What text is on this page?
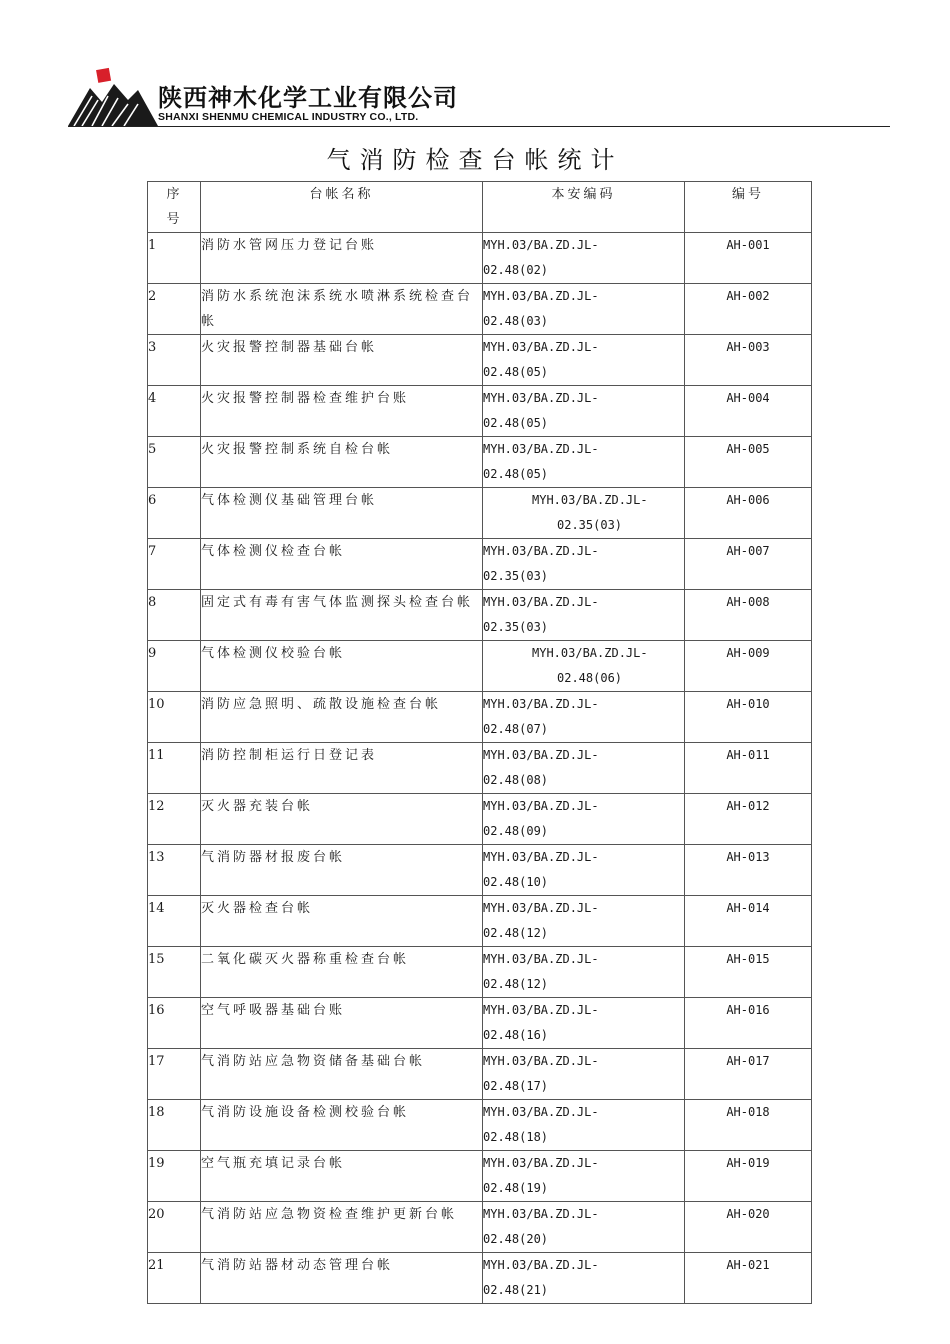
陕西神木化学工业有限公司
SHANXI SHENMU CHEMICAL INDUSTRY CO., LTD.
气消防检查台帐统计
序
号	台帐名称	本安编码	编号

1	消防水管网压力登记台账	MYH.03/BA.ZD.JL-
02.48(02)	AH-001
2	消防水系统泡沫系统水喷淋系统检查台帐	MYH.03/BA.ZD.JL-
02.48(03)	AH-002
3	火灾报警控制器基础台帐	MYH.03/BA.ZD.JL-
02.48(05)	AH-003
4	火灾报警控制器检查维护台账	MYH.03/BA.ZD.JL-
02.48(05)	AH-004
5	火灾报警控制系统自检台帐	MYH.03/BA.ZD.JL-
02.48(05)	AH-005
6	气体检测仪基础管理台帐	MYH.03/BA.ZD.JL-
02.35(03)	AH-006
7	气体检测仪检查台帐	MYH.03/BA.ZD.JL-
02.35(03)	AH-007
8	固定式有毒有害气体监测探头检查台帐	MYH.03/BA.ZD.JL-
02.35(03)	AH-008
9	气体检测仪校验台帐	MYH.03/BA.ZD.JL-
02.48(06)	AH-009
10	消防应急照明、疏散设施检查台帐	MYH.03/BA.ZD.JL-
02.48(07)	AH-010
11	消防控制柜运行日登记表	MYH.03/BA.ZD.JL-
02.48(08)	AH-011
12	灭火器充装台帐	MYH.03/BA.ZD.JL-
02.48(09)	AH-012
13	气消防器材报废台帐	MYH.03/BA.ZD.JL-
02.48(10)	AH-013
14	灭火器检查台帐	MYH.03/BA.ZD.JL-
02.48(12)	AH-014
15	二氧化碳灭火器称重检查台帐	MYH.03/BA.ZD.JL-
02.48(12)	AH-015
16	空气呼吸器基础台账	MYH.03/BA.ZD.JL-
02.48(16)	AH-016
17	气消防站应急物资储备基础台帐	MYH.03/BA.ZD.JL-
02.48(17)	AH-017
18	气消防设施设备检测校验台帐	MYH.03/BA.ZD.JL-
02.48(18)	AH-018
19	空气瓶充填记录台帐	MYH.03/BA.ZD.JL-
02.48(19)	AH-019
20	气消防站应急物资检查维护更新台帐	MYH.03/BA.ZD.JL-
02.48(20)	AH-020
21	气消防站器材动态管理台帐	MYH.03/BA.ZD.JL-
02.48(21)	AH-021
